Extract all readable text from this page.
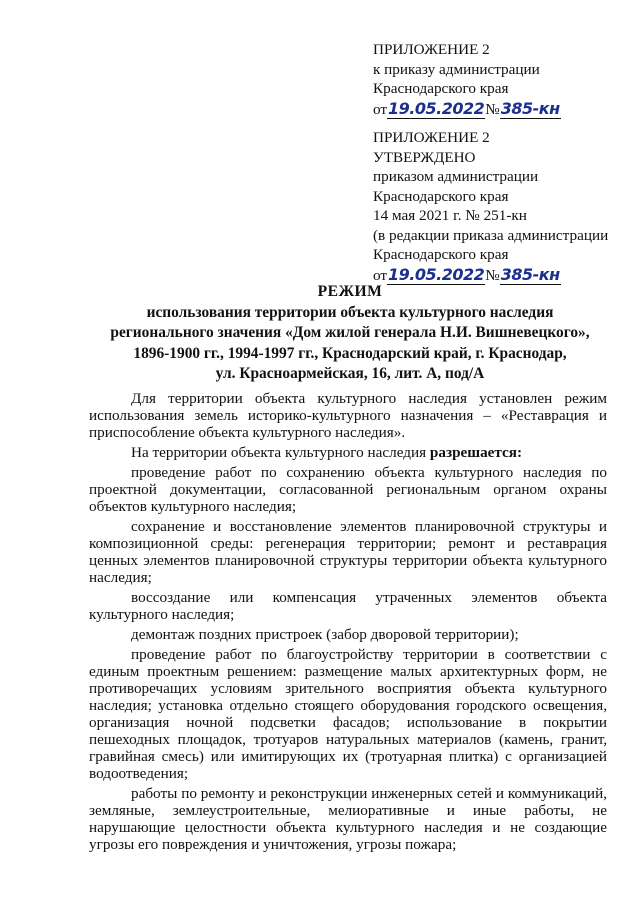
ПРИЛОЖЕНИЕ 2
к приказу администрации
Краснодарского края
от19.05.2022№385-кн
ПРИЛОЖЕНИЕ 2
УТВЕРЖДЕНО
приказом администрации
Краснодарского края
14 мая 2021 г. № 251-кн
(в редакции приказа администрации
Краснодарского края
от19.05.2022№385-кн
РЕЖИМ
использования территории объекта культурного наследия
регионального значения «Дом жилой генерала Н.И. Вишневецкого»,
1896-1900 гг., 1994-1997 гг., Краснодарский край, г. Краснодар,
ул. Красноармейская, 16, лит. А, под/А

Для территории объекта культурного наследия установлен режим использования земель историко-культурного назначения – «Реставрация и приспособление объекта культурного наследия».

На территории объекта культурного наследия разрешается:

проведение работ по сохранению объекта культурного наследия по проектной документации, согласованной региональным органом охраны объектов культурного наследия;

сохранение и восстановление элементов планировочной структуры и композиционной среды: регенерация территории; ремонт и реставрация ценных элементов планировочной структуры территории объекта культурного наследия;

воссоздание или компенсация утраченных элементов объекта культурного наследия;

демонтаж поздних пристроек (забор дворовой территории);

проведение работ по благоустройству территории в соответствии с единым проектным решением: размещение малых архитектурных форм, не противоречащих условиям зрительного восприятия объекта культурного наследия; установка отдельно стоящего оборудования городского освещения, организация ночной подсветки фасадов; использование в покрытии пешеходных площадок, тротуаров натуральных материалов (камень, гранит, гравийная смесь) или имитирующих их (тротуарная плитка) с организацией водоотведения;

работы по ремонту и реконструкции инженерных сетей и коммуникаций, земляные, землеустроительные, мелиоративные и иные работы, не нарушающие целостности объекта культурного наследия и не создающие угрозы его повреждения и уничтожения, угрозы пожара;
